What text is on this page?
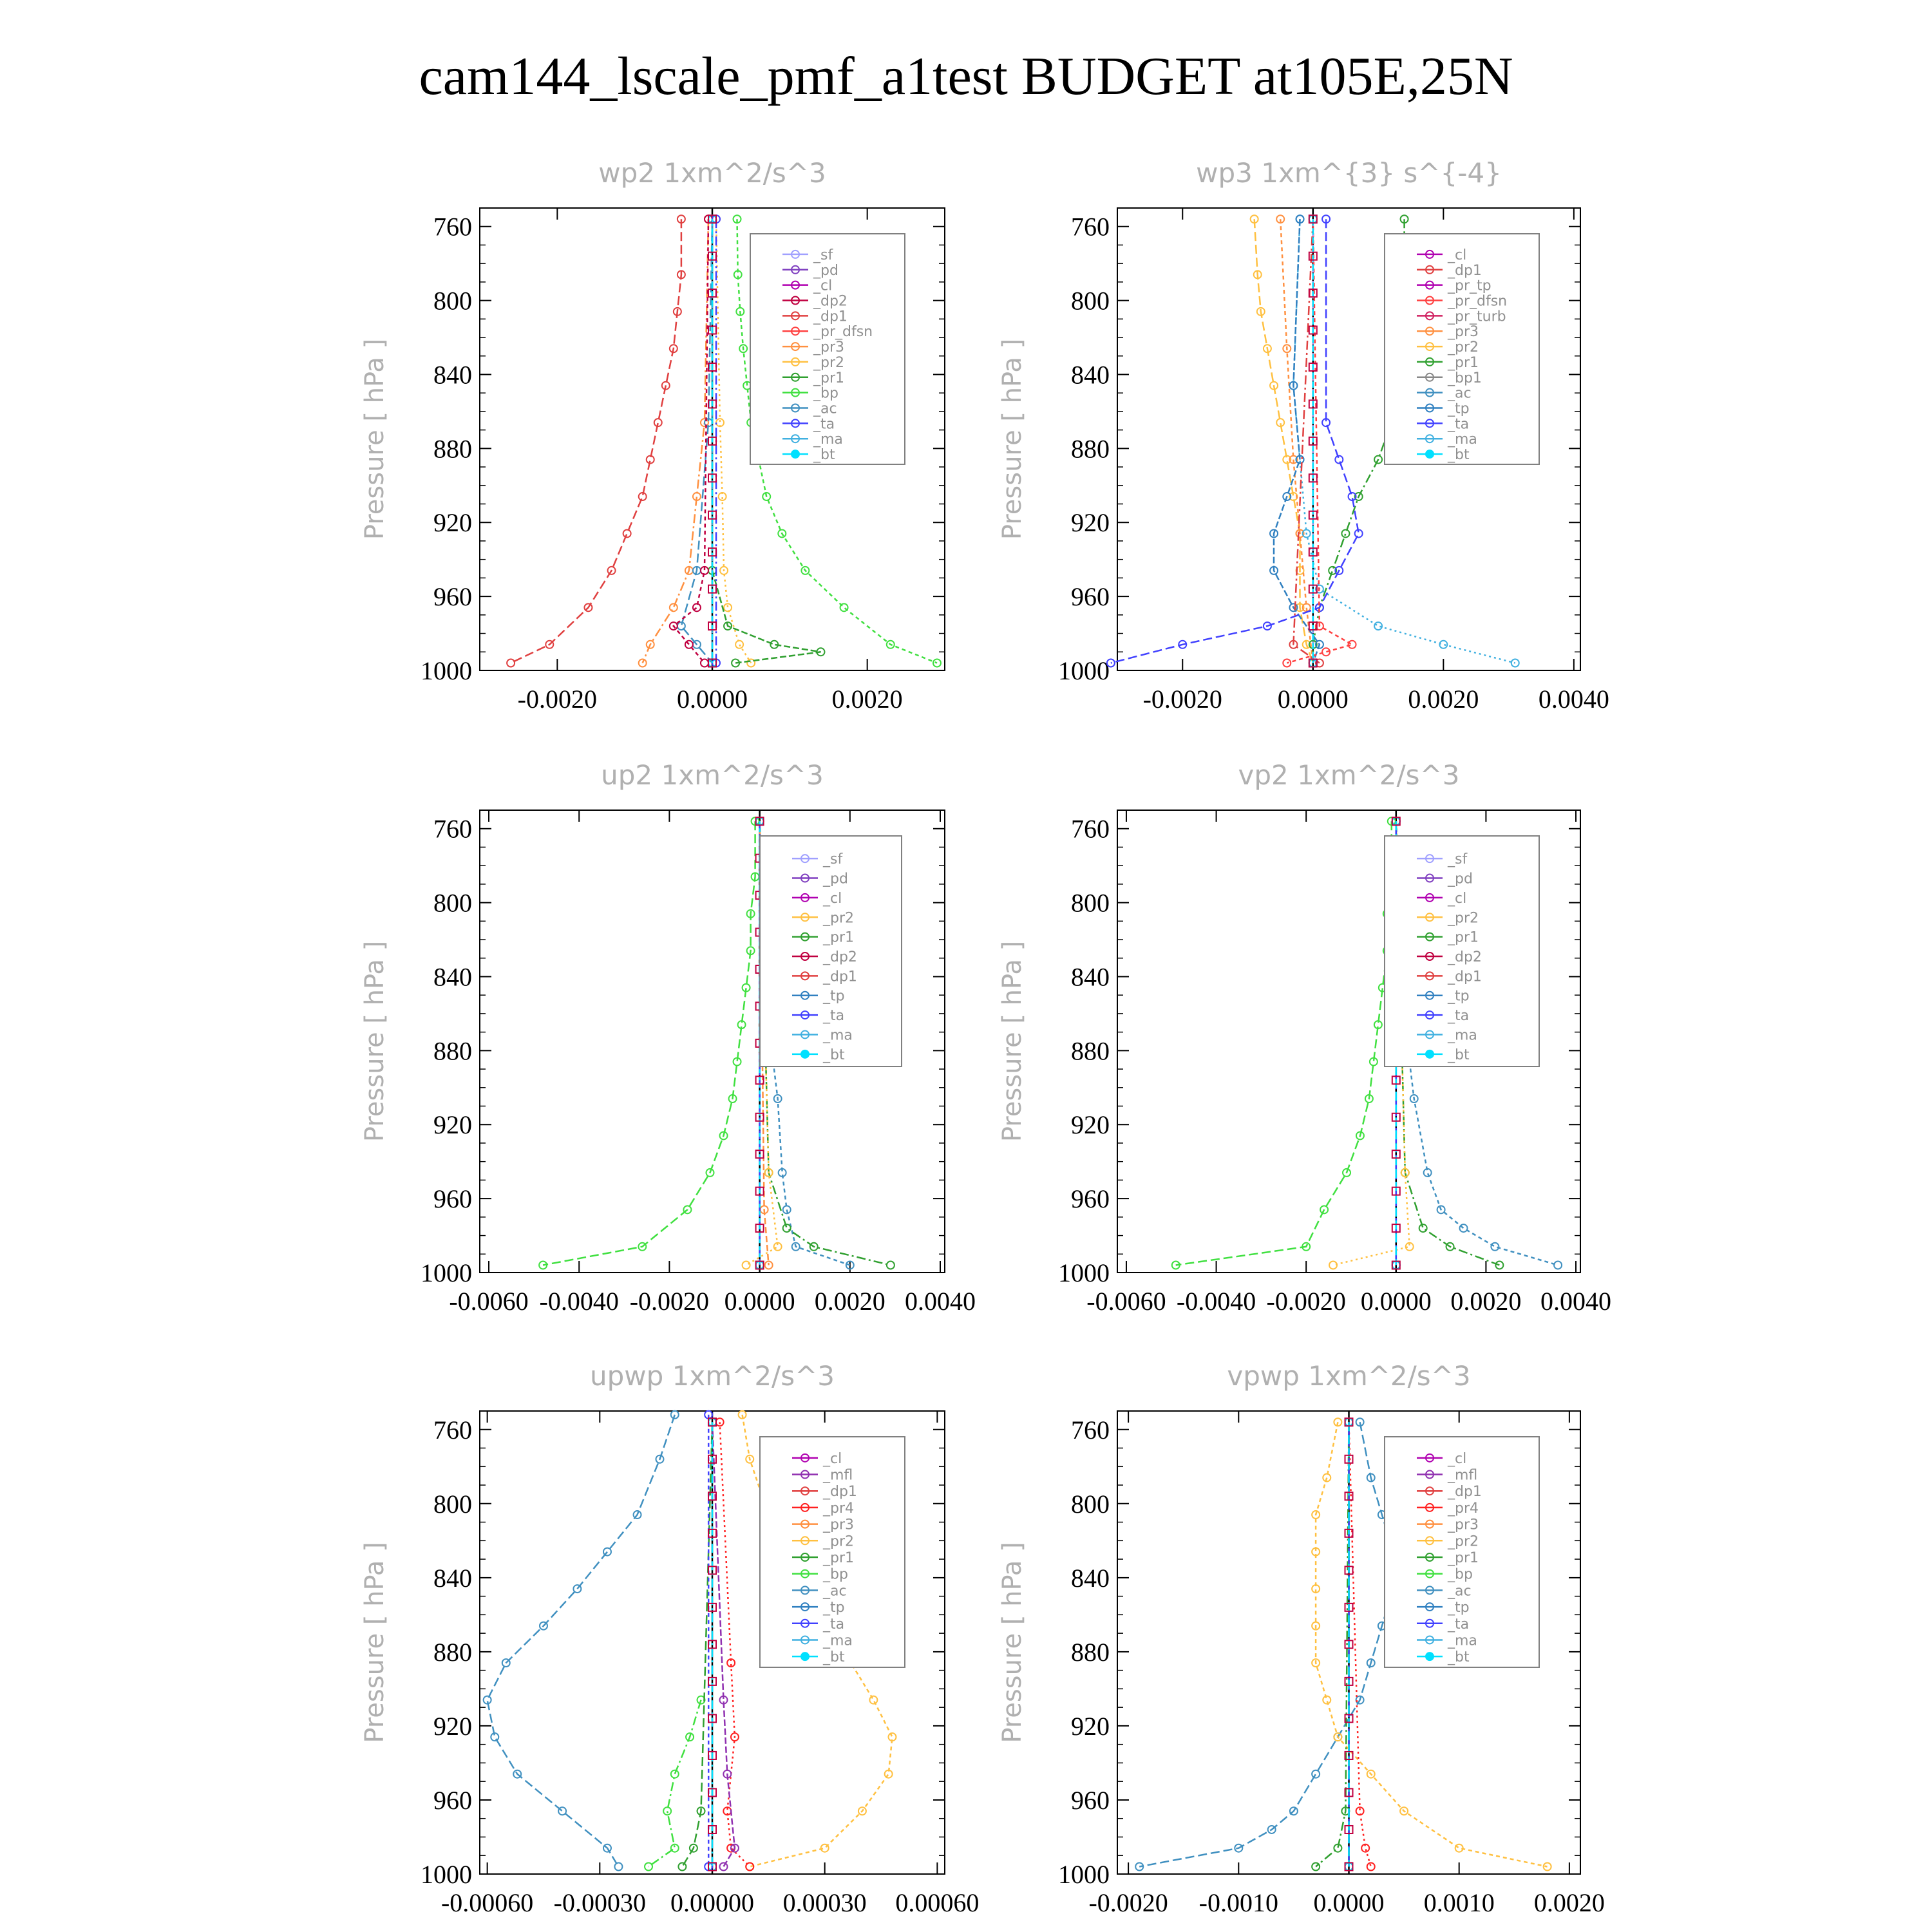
cam144_lscale_pmf_a1test BUDGET at105E,25N
wp2 1xm^2/s^3
Pressure [ hPa ]
760
800
840
880
920
960
1000
-0.0020	0.0000	0.0020
_sf
_pd
_cl
_dp2
_dp1
_pr_dfsn
_pr3
_pr2
_pr1
_bp
_ac
_ta
_ma
_bt
wp3 1xm^{3} s^{-4}
Pressure [ hPa ]
760
800
840
880
920
960
1000
-0.0020 0.0000 0.0020 0.0040
_cl
_dp1
_pr_tp
_pr_dfsn
_pr_turb
_pr3
_pr2
_pr1
_bp1
_ac
_tp
_ta
_ma
_bt
up2 1xm^2/s^3
Pressure [ hPa ]
760
800
840
880
920
960
1000
-0.0060 -0.0040 -0.0020 0.0000 0.0020 0.0040
_sf
_pd
_cl
_pr2
_pr1
_dp2
_dp1
_tp
_ta
_ma
_bt
vp2 1xm^2/s^3
Pressure [ hPa ]
760
800
840
880
920
960
1000
-0.0060 -0.0040 -0.0020 0.0000 0.0020 0.0040
_sf
_pd
_cl
_pr2
_pr1
_dp2
_dp1
_tp
_ta
_ma
_bt
upwp 1xm^2/s^3
Pressure [ hPa ]
760
800
840
880
920
960
1000
-0.00060 -0.00030 0.00000 0.00030 0.00060
_cl
_mfl
_dp1
_pr4
_pr3
_pr2
_pr1
_bp
_ac
_tp
_ta
_ma
_bt
vpwp 1xm^2/s^3
Pressure [ hPa ]
760
800
840
880
920
960
1000
-0.0020 -0.0010 0.0000 0.0010 0.0020
_cl
_mfl
_dp1
_pr4
_pr3
_pr2
_pr1
_bp
_ac
_tp
_ta
_ma
_bt
